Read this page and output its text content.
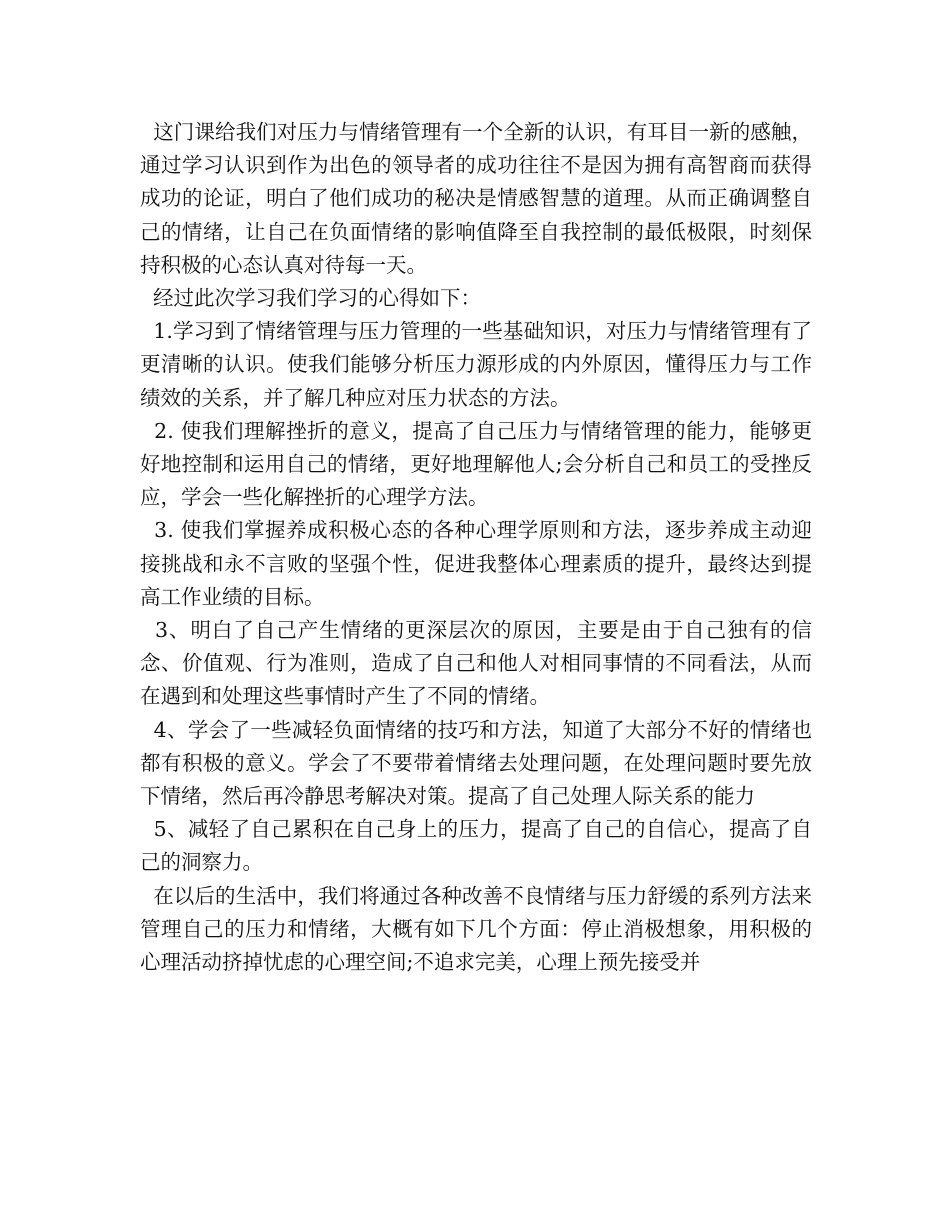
这门课给我们对压力与情绪管理有一个全新的认识，有耳目一新的感触，通过学习认识到作为出色的领导者的成功往往不是因为拥有高智商而获得成功的论证，明白了他们成功的秘决是情感智慧的道理。从而正确调整自己的情绪，让自己在负面情绪的影响值降至自我控制的最低极限，时刻保持积极的心态认真对待每一天。

经过此次学习我们学习的心得如下：

1.学习到了情绪管理与压力管理的一些基础知识，对压力与情绪管理有了更清晰的认识。使我们能够分析压力源形成的内外原因，懂得压力与工作绩效的关系，并了解几种应对压力状态的方法。

2. 使我们理解挫折的意义，提高了自己压力与情绪管理的能力，能够更好地控制和运用自己的情绪，更好地理解他人;会分析自己和员工的受挫反应，学会一些化解挫折的心理学方法。

3. 使我们掌握养成积极心态的各种心理学原则和方法，逐步养成主动迎接挑战和永不言败的坚强个性，促进我整体心理素质的提升，最终达到提高工作业绩的目标。

3、明白了自己产生情绪的更深层次的原因，主要是由于自己独有的信念、价值观、行为准则，造成了自己和他人对相同事情的不同看法，从而在遇到和处理这些事情时产生了不同的情绪。

4、学会了一些减轻负面情绪的技巧和方法，知道了大部分不好的情绪也都有积极的意义。学会了不要带着情绪去处理问题，在处理问题时要先放下情绪，然后再冷静思考解决对策。提高了自己处理人际关系的能力

5、减轻了自己累积在自己身上的压力，提高了自己的自信心，提高了自己的洞察力。

在以后的生活中，我们将通过各种改善不良情绪与压力舒缓的系列方法来管理自己的压力和情绪，大概有如下几个方面：停止消极想象，用积极的心理活动挤掉忧虑的心理空间;不追求完美，心理上预先接受并
